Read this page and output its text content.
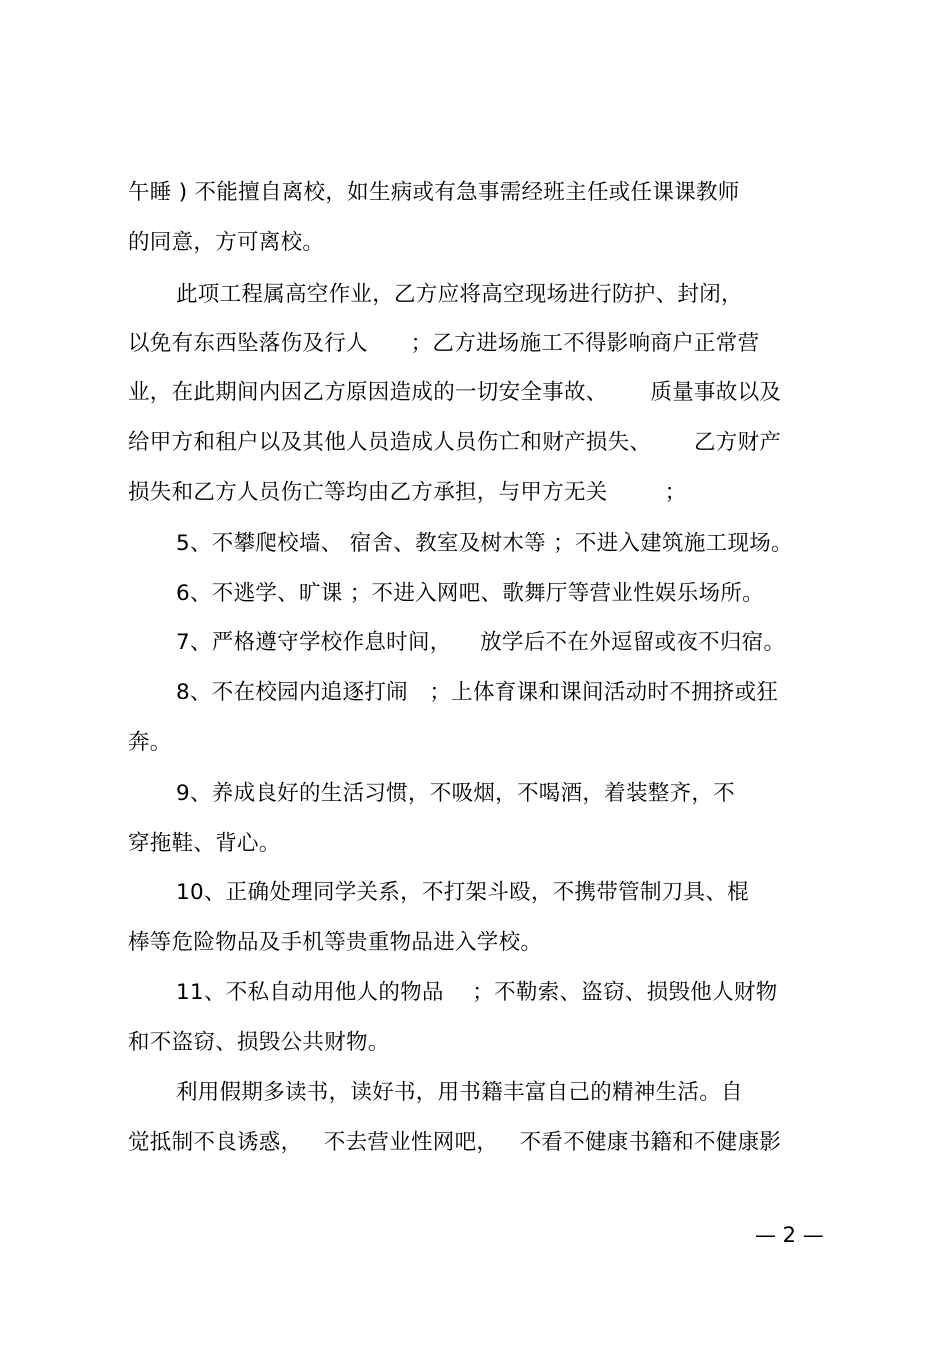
午睡 ) 不能擅自离校，如生病或有急事需经班主任或任课课教师
的同意，方可离校。
此项工程属高空作业，乙方应将高空现场进行防护、封闭，
以免有东西坠落伤及行人      ；乙方进场施工不得影响商户正常营
业，在此期间内因乙方原因造成的一切安全事故、      质量事故以及
给甲方和租户以及其他人员造成人员伤亡和财产损失、      乙方财产
损失和乙方人员伤亡等均由乙方承担，与甲方无关        ；
5、不攀爬校墙、 宿舍、教室及树木等 ；不进入建筑施工现场。
6、不逃学、旷课 ；不进入网吧、歌舞厅等营业性娱乐场所。
7、严格遵守学校作息时间，    放学后不在外逗留或夜不归宿。
8、不在校园内追逐打闹   ；上体育课和课间活动时不拥挤或狂
奔。
9、养成良好的生活习惯，不吸烟，不喝酒，着装整齐，不
穿拖鞋、背心。
10、正确处理同学关系，不打架斗殴，不携带管制刀具、棍
棒等危险物品及手机等贵重物品进入学校。
11、不私自动用他人的物品    ；不勒索、盗窃、损毁他人财物
和不盗窃、损毁公共财物。
利用假期多读书，读好书，用书籍丰富自己的精神生活。自
觉抵制不良诱惑，   不去营业性网吧，   不看不健康书籍和不健康影
— 2 —
